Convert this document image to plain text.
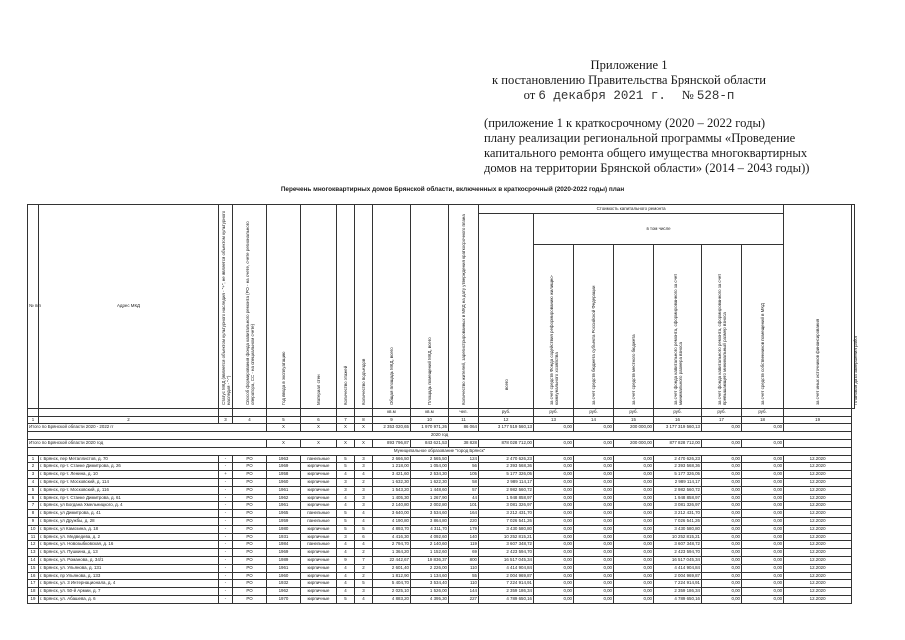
Приложение 1
к постановлению Правительства Брянской области
от 6 декабря 2021 г. № 528-п
(приложение 1 к краткосрочному (2020 – 2022 годы)
плану реализации региональной программы «Проведение
капитального ремонта общего имущества многоквартирных
домов на территории Брянской области» (2014 – 2043 годы))
Перечень многоквартирных домов Брянской области, включенных в краткосрочный (2020-2022 годы) план
№ п/п	Адрес МКД	Статус МКД (является объектом культурного наследия - "+", не является объектом культурного наследия - "-")	Способ формирования фонда капитального ремонта (РО - на счете, счете регионального оператора, СС - на специальном счете)	Год ввода в эксплуатацию	Материал стен	Количество этажей	Количество подъездов	Общая площадь МКД, всего	Площадь помещений МКД, всего	Количество жителей, зарегистрированных в МКД на дату утверждения краткосрочного плана	Стоимость капитального ремонта							за счет иных источников финансирования	Плановая дата завершения работ
											всего	в том числе							
												за счет средств Фонда содействия реформированию жилищно-коммунального хозяйства	за счет средств бюджета субъекта Российской Федерации	за счет средств местного бюджета	за счет фонда капитального ремонта, сформированного за счет минимального размера взноса	за счет фонда капитального ремонта, сформированного за счет превышающего минимальный размер взноса	за счет средств собственников помещений в МКД		
								кв.м	кв.м	чел.	руб.	руб.	руб.	руб.	руб.	руб.	руб.		
1	2	3	4	5	6	7	8	9	10	11	12	13	14	15	16	17	18	19	
Итого по Брянской области 2020 - 2022 гг				X	X	X	X	2 353 020,65	1 970 971,26	86 064	3 177 519 560,13	0,00	0,00	200 000,00	3 177 319 560,13	0,00	0,00		
2020 год																			
Итого по Брянской области 2020 год				X	X	X	X	893 796,87	843 621,53	38 828	878 028 712,00	0,00	0,00	200 000,00	877 828 712,00	0,00	0,00		
Муниципальное образование "город Брянск"																			
1	г. Брянск, пер Металлистов, д. 70	-	РО	1963	панельные	5	3	2 666,50	2 565,50	124	2 470 626,23	0,00	0,00	0,00	2 470 626,23	0,00	0,00	12.2020	
2	г. Брянск, пр-т. Станке Димитрова, д. 26	-	РО	1969	кирпичные	5	3	1 218,00	1 054,00	56	2 393 568,36	0,00	0,00	0,00	2 393 568,36	0,00	0,00	12.2020	
3	г. Брянск, пр-т. Ленина, д. 10	+	РО	1958	кирпичные	4	4	3 421,60	2 534,30	105	5 177 326,05	0,00	0,00	0,00	5 177 326,05	0,00	0,00	12.2020	
4	г. Брянск, пр-т. Московский, д. 114	-	РО	1960	кирпичные	3	2	1 632,30	1 622,30	58	2 989 114,17	0,00	0,00	0,00	2 989 114,17	0,00	0,00	12.2020	
5	г. Брянск, пр-т. Московский, д. 116	-	РО	1961	кирпичные	3	3	1 543,20	1 448,60	57	2 982 560,72	0,00	0,00	0,00	2 982 560,72	0,00	0,00	12.2020	
6	г. Брянск, пр-т. Станке Димитрова, д. 61	-	РО	1962	кирпичные	4	3	1 405,30	1 267,90	44	1 948 858,97	0,00	0,00	0,00	1 948 858,97	0,00	0,00	12.2020	
7	г. Брянск, ул Богдана Хмельницкого, д. 4	-	РО	1961	кирпичные	4	3	2 140,80	2 002,80	101	3 081 326,97	0,00	0,00	0,00	3 081 326,97	0,00	0,00	12.2020	
8	г. Брянск, ул Димитрова, д. 41	-	РО	1965	панельные	5	4	3 640,00	3 534,60	164	3 212 431,70	0,00	0,00	0,00	3 212 431,70	0,00	0,00	12.2020	
9	г. Брянск, ул Дружбы, д. 28	-	РО	1959	панельные	5	4	4 190,80	3 864,80	220	7 026 541,26	0,00	0,00	0,00	7 026 541,26	0,00	0,00	12.2020	
10	г. Брянск, ул Камозина, д. 18	-	РО	1980	кирпичные	5	5	4 893,70	4 311,70	179	3 430 580,80	0,00	0,00	0,00	3 430 580,80	0,00	0,00	12.2020	
11	г. Брянск, ул. Медведева, д. 2	-	РО	1931	кирпичные	3	6	4 416,30	4 092,60	140	10 252 815,21	0,00	0,00	0,00	10 252 815,21	0,00	0,00	12.2020	
12	г. Брянск, ул. Новозыбковская, д. 16	-	РО	1984	панельные	4	4	2 794,70	2 140,60	119	3 607 348,72	0,00	0,00	0,00	3 607 348,72	0,00	0,00	12.2020	
13	г. Брянск, ул. Пушкина, д. 13	-	РО	1969	кирпичные	4	2	1 364,20	1 152,60	69	2 423 594,70	0,00	0,00	0,00	2 423 594,70	0,00	0,00	12.2020	
14	г. Брянск, ул. Романова, д. 34/1	-	РО	1989	кирпичные	9	7	22 442,67	19 836,37	800	16 517 045,34	0,00	0,00	0,00	16 517 045,34	0,00	0,00	12.2020	
15	г. Брянск, ул. Ульянова, д. 131	-	РО	1961	кирпичные	4	2	2 601,40	2 226,00	110	4 414 904,84	0,00	0,00	0,00	4 414 904,84	0,00	0,00	12.2020	
16	г. Брянск, пр Ульянова, д. 133	-	РО	1960	кирпичные	4	2	1 812,90	1 134,60	55	2 004 969,87	0,00	0,00	0,00	2 004 969,87	0,00	0,00	12.2020	
17	г. Брянск, ул. 3 Интернационала, д. 4	-	РО	1932	кирпичные	4	5	5 404,70	3 534,40	110	7 224 914,91	0,00	0,00	0,00	7 224 914,91	0,00	0,00	12.2020	
18	г. Брянск, ул. 50-й Армии, д. 7	-	РО	1962	кирпичные	4	3	2 025,10	1 526,00	144	2 359 186,34	0,00	0,00	0,00	2 359 186,34	0,00	0,00	12.2020	
19	г. Брянск, ул. Абашева, д. 6	-	РО	1970	кирпичные	5	4	4 883,20	4 395,30	227	4 789 650,16	0,00	0,00	0,00	4 789 650,16	0,00	0,00	12.2020	
